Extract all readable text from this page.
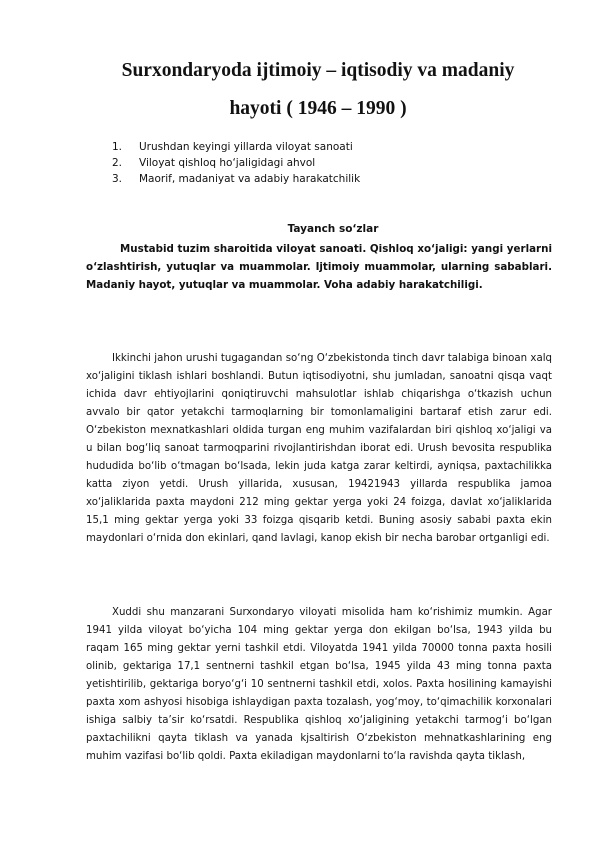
Surxondaryoda ijtimoiy – iqtisodiy va madaniy
hayoti ( 1946 – 1990 )
1.	Urushdan keyingi yillarda viloyat sanoati
2.	Viloyat qishloq ho‘jaligidagi ahvol
3.	Maorif, madaniyat va adabiy harakatchilik
Tayanch so‘zlar

Mustabid tuzim sharoitida viloyat sanoati. Qishloq xo‘jaligi: yangi yerlarni o‘zlashtirish, yutuqlar va muammolar. Ijtimoiy muammolar, ularning sabablari. Madaniy hayot, yutuqlar va muammolar. Voha adabiy harakatchiligi.

Ikkinchi jahon urushi tugagandan so‘ng O‘zbekistonda tinch davr talabiga binoan xalq xo‘jaligini tiklash ishlari boshlandi. Butun iqtisodiyotni, shu jumladan, sanoatni qisqa vaqt ichida davr ehtiyojlarini qoniqtiruvchi mahsulotlar ishlab chiqarishga o‘tkazish uchun avvalo bir qator yetakchi tarmoqlarning bir tomonlamaligini bartaraf etish zarur edi. O‘zbekiston mexnatkashlari oldida turgan eng muhim vazifalardan biri qishloq xo‘jaligi va u bilan bog‘liq sanoat tarmoqparini rivojlantirishdan iborat edi. Urush bevosita respublika hududida bo‘lib o‘tmagan bo‘lsada, lekin juda katga zarar keltirdi, ayniqsa, paxtachilikka katta ziyon yetdi. Urush yillarida, xususan, 19421943 yillarda respublika jamoa xo‘jaliklarida paxta maydoni 212 ming gektar yerga yoki 24 foizga, davlat xo‘jaliklarida 15,1 ming gektar yerga yoki 33 foizga qisqarib ketdi. Buning asosiy sababi paxta ekin maydonlari o‘rnida don ekinlari, qand lavlagi, kanop ekish bir necha barobar ortganligi edi.

Xuddi shu manzarani Surxondaryo viloyati misolida ham ko‘rishimiz mumkin. Agar 1941 yilda viloyat bo‘yicha 104 ming gektar yerga don ekilgan bo‘lsa, 1943 yilda bu raqam 165 ming gektar yerni tashkil etdi. Viloyatda 1941 yilda 70000 tonna paxta hosili olinib, gektariga 17,1 sentnerni tashkil etgan bo‘lsa, 1945 yilda 43 ming tonna paxta yetishtirilib, gektariga boryo‘g‘i 10 sentnerni tashkil etdi, xolos. Paxta hosilining kamayishi paxta xom ashyosi hisobiga ishlaydigan paxta tozalash, yog‘moy, to‘qimachilik korxonalari ishiga salbiy ta’sir ko‘rsatdi. Respublika qishloq xo‘jaligining yetakchi tarmog‘i bo‘lgan paxtachilikni qayta tiklash va yanada kjsaltirish O‘zbekiston mehnatkashlarining eng muhim vazifasi bo‘lib qoldi. Paxta ekiladigan maydonlarni to‘la ravishda qayta tiklash,
